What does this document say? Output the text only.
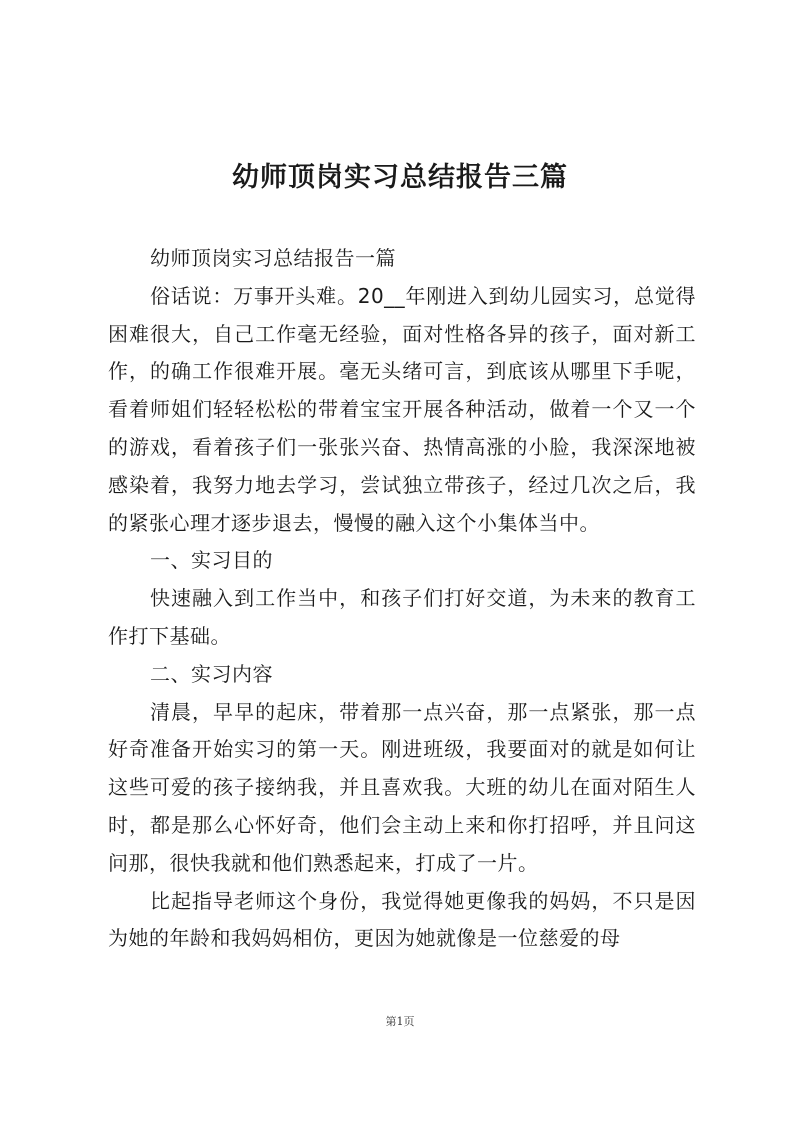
幼师顶岗实习总结报告三篇

幼师顶岗实习总结报告一篇

俗话说：万事开头难。20__年刚进入到幼儿园实习，总觉得困难很大，自己工作毫无经验，面对性格各异的孩子，面对新工作，的确工作很难开展。毫无头绪可言，到底该从哪里下手呢，看着师姐们轻轻松松的带着宝宝开展各种活动，做着一个又一个的游戏，看着孩子们一张张兴奋、热情高涨的小脸，我深深地被感染着，我努力地去学习，尝试独立带孩子，经过几次之后，我的紧张心理才逐步退去，慢慢的融入这个小集体当中。

一、实习目的

快速融入到工作当中，和孩子们打好交道，为未来的教育工作打下基础。

二、实习内容

清晨，早早的起床，带着那一点兴奋，那一点紧张，那一点好奇准备开始实习的第一天。刚进班级，我要面对的就是如何让这些可爱的孩子接纳我，并且喜欢我。大班的幼儿在面对陌生人时，都是那么心怀好奇，他们会主动上来和你打招呼，并且问这问那，很快我就和他们熟悉起来，打成了一片。

比起指导老师这个身份，我觉得她更像我的妈妈，不只是因为她的年龄和我妈妈相仿，更因为她就像是一位慈爱的母

第1页
